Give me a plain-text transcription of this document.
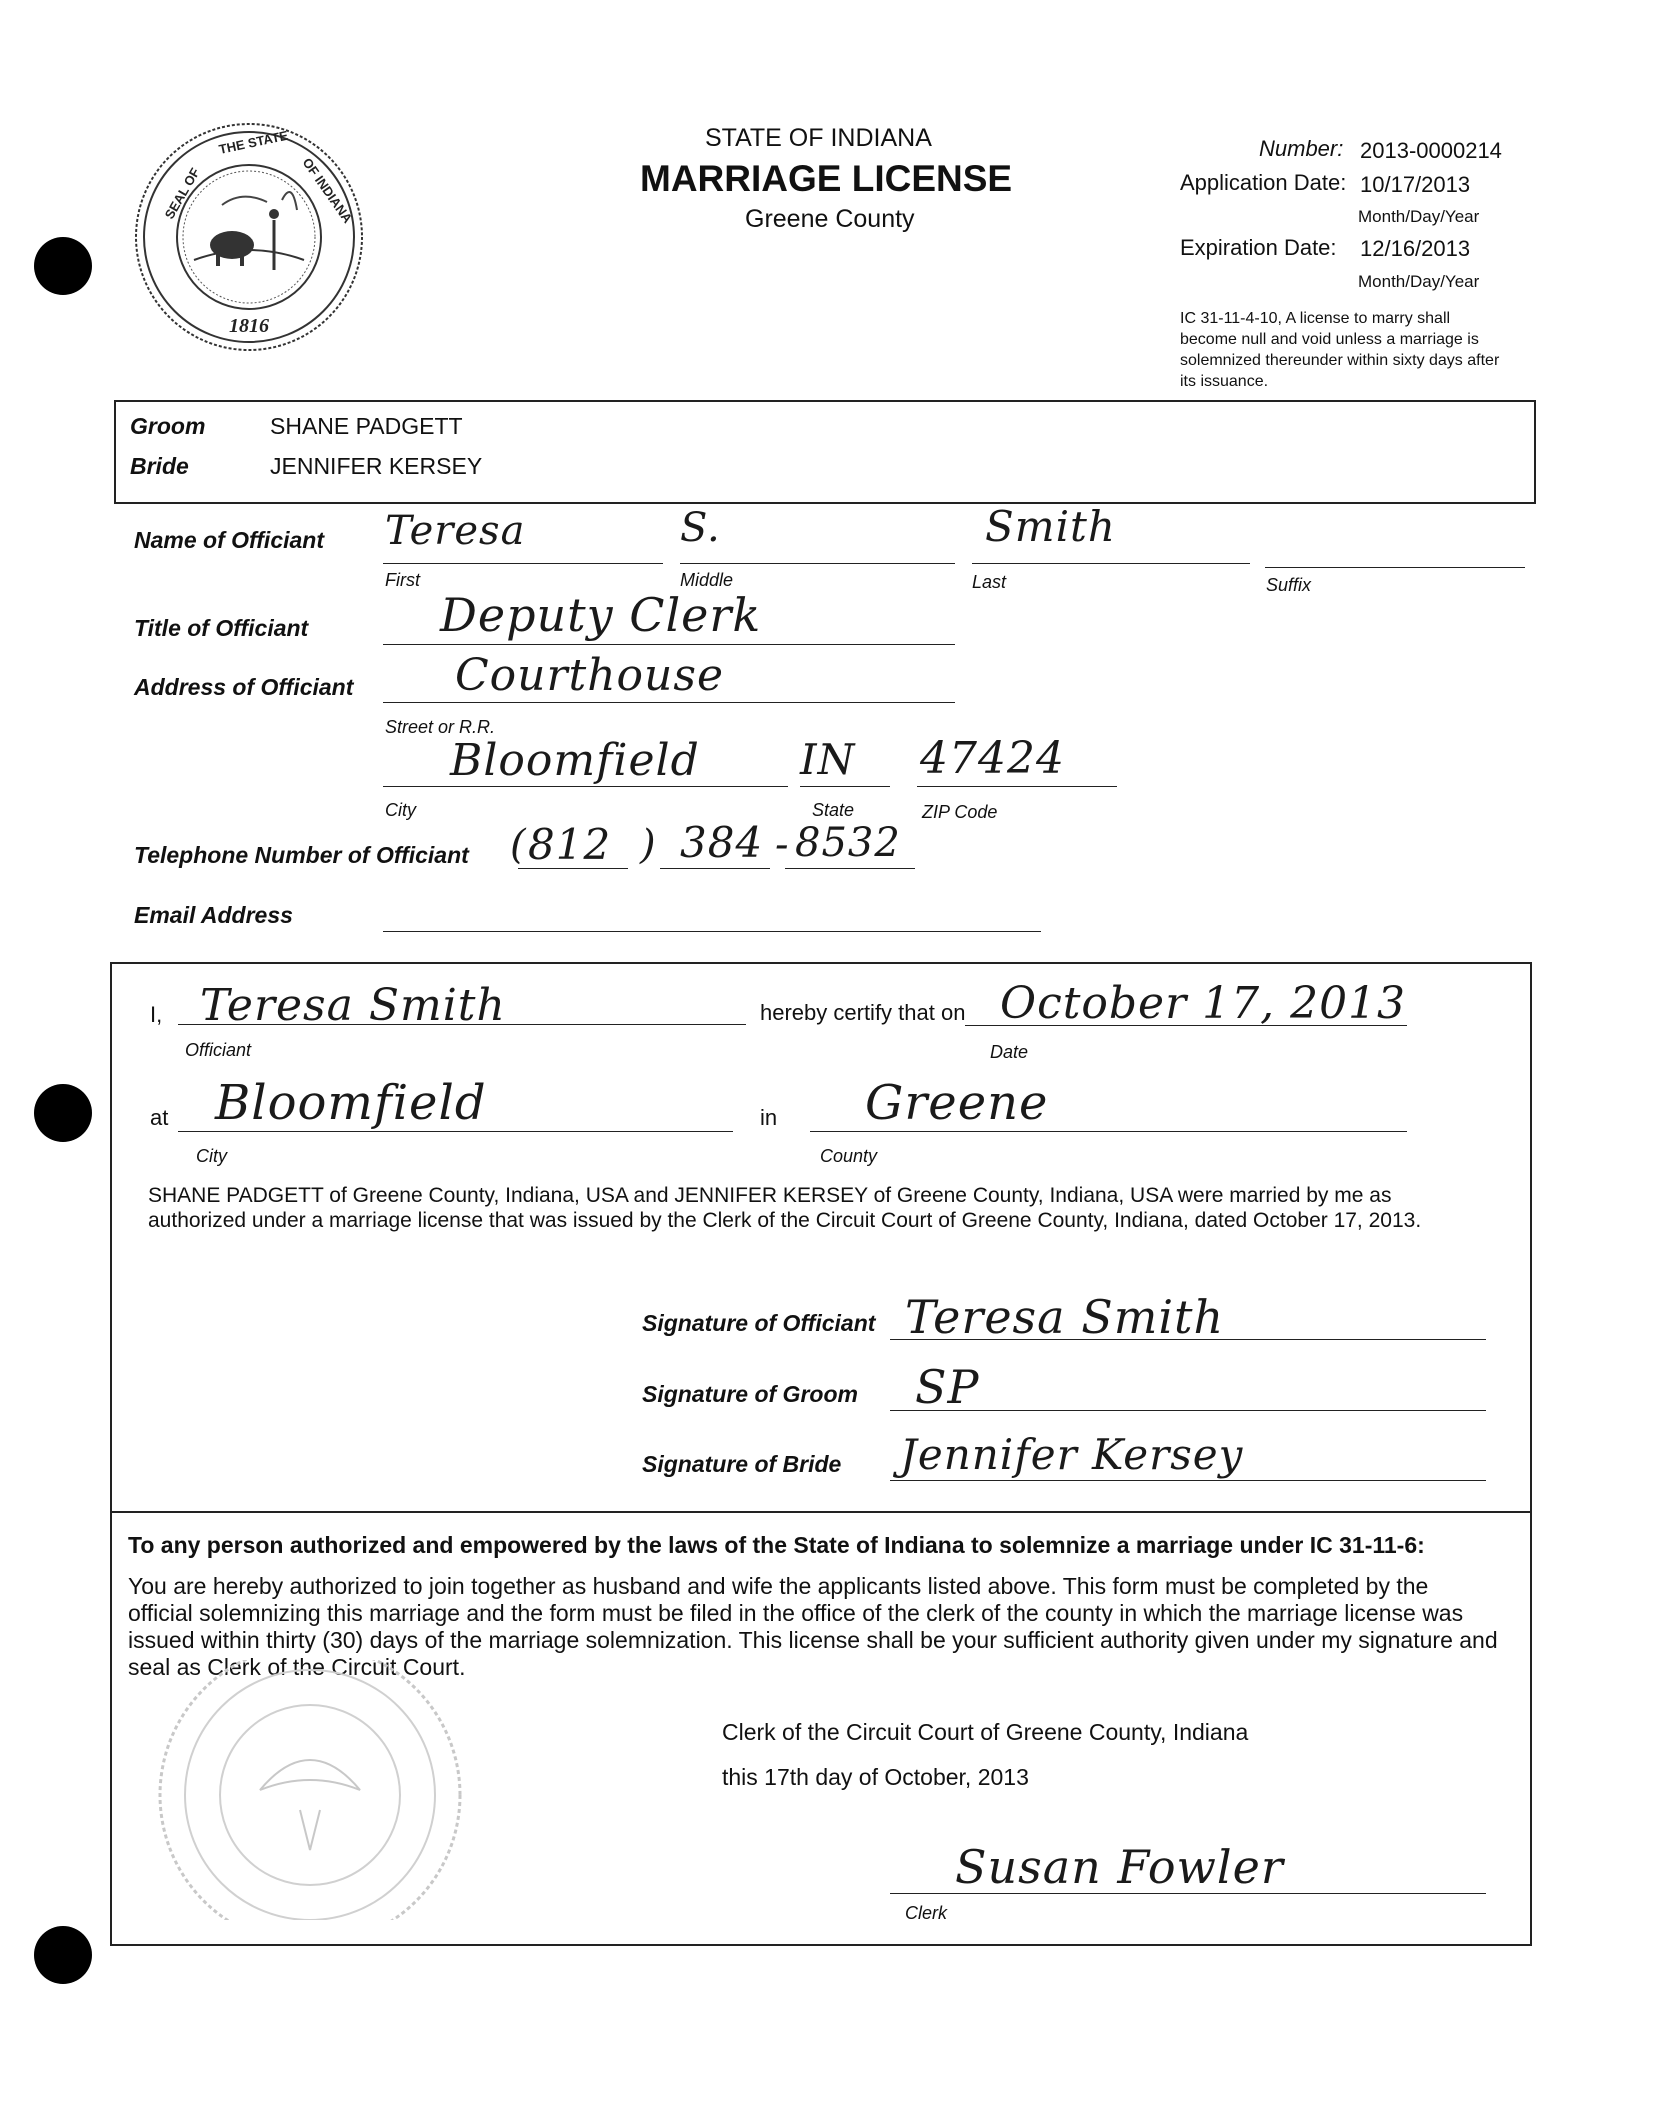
1816
SEAL OF
THE STATE
OF INDIANA
STATE OF INDIANA
MARRIAGE LICENSE
Greene County
Number: 2013-0000214
Application Date: 10/17/2013
Month/Day/Year
Expiration Date: 12/16/2013
Month/Day/Year
IC 31-11-4-10, A license to marry shall become null and void unless a marriage is solemnized thereunder within sixty days after its issuance.
Groom	SHANE PADGETT
Bride	JENNIFER KERSEY
Name of Officiant Teresa	S.	Smith
First	Middle	Last	Suffix
Title of Officiant	Deputy Clerk
Address of Officiant Courthouse
Street or R.R.
Bloomfield IN 47424
City	State	ZIP Code
Telephone Number of Officiant ( 812 ) 384 - 8532
Email Address
I, Teresa Smith	hereby certify that on October 17, 2013
Officiant	Date
at Bloomfield	in Greene
City	County
SHANE PADGETT of Greene County, Indiana, USA and JENNIFER KERSEY of Greene County, Indiana, USA were married by me as authorized under a marriage license that was issued by the Clerk of the Circuit Court of Greene County, Indiana, dated October 17, 2013.
Signature of Officiant Teresa Smith
Signature of Groom SP
Signature of Bride Jennifer Kersey
To any person authorized and empowered by the laws of the State of Indiana to solemnize a marriage under IC 31-11-6:
You are hereby authorized to join together as husband and wife the applicants listed above. This form must be completed by the official solemnizing this marriage and the form must be filed in the office of the clerk of the county in which the marriage license was issued within thirty (30) days of the marriage solemnization. This license shall be your sufficient authority given under my signature and seal as Clerk of the Circuit Court.
Clerk of the Circuit Court of Greene County, Indiana
this 17th day of October, 2013
Susan Fowler
Clerk
